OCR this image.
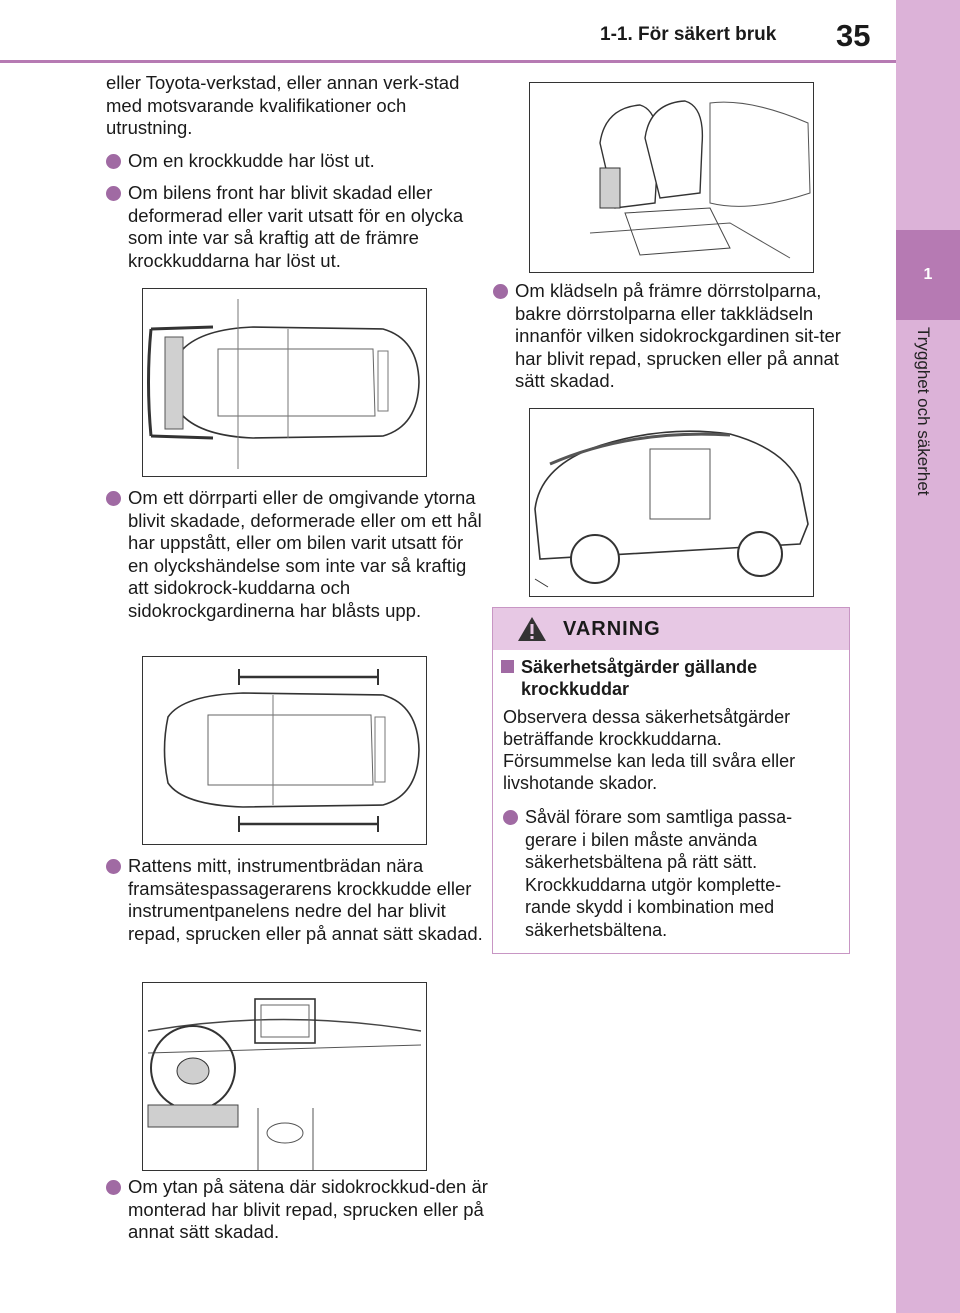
1-1. För säkert bruk 35
1
Trygghet och säkerhet

eller Toyota-verkstad, eller annan verk-stad med motsvarande kvalifikationer och utrustning.

Om en krockkudde har löst ut.
Om bilens front har blivit skadad eller deformerad eller varit utsatt för en olycka som inte var så kraftig att de främre krockkuddarna har löst ut.
Om ett dörrparti eller de omgivande ytorna blivit skadade, deformerade eller om ett hål har uppstått, eller om bilen varit utsatt för en olyckshändelse som inte var så kraftig att sidokrock-kuddarna och sidokrockgardinerna har blåsts upp.
Rattens mitt, instrumentbrädan nära framsätespassagerarens krockkudde eller instrumentpanelens nedre del har blivit repad, sprucken eller på annat sätt skadad.
Om ytan på sätena där sidokrockkud-den är monterad har blivit repad, sprucken eller på annat sätt skadad.
Om klädseln på främre dörrstolparna, bakre dörrstolparna eller takklädseln innanför vilken sidokrockgardinen sit-ter har blivit repad, sprucken eller på annat sätt skadad.
VARNING
Säkerhetsåtgärder gällande krockkuddar
Observera dessa säkerhetsåtgärder beträffande krockkuddarna. Försummelse kan leda till svåra eller livshotande skador.
Såväl förare som samtliga passa-gerare i bilen måste använda säkerhetsbältena på rätt sätt. Krockkuddarna utgör komplette-rande skydd i kombination med säkerhetsbältena.
